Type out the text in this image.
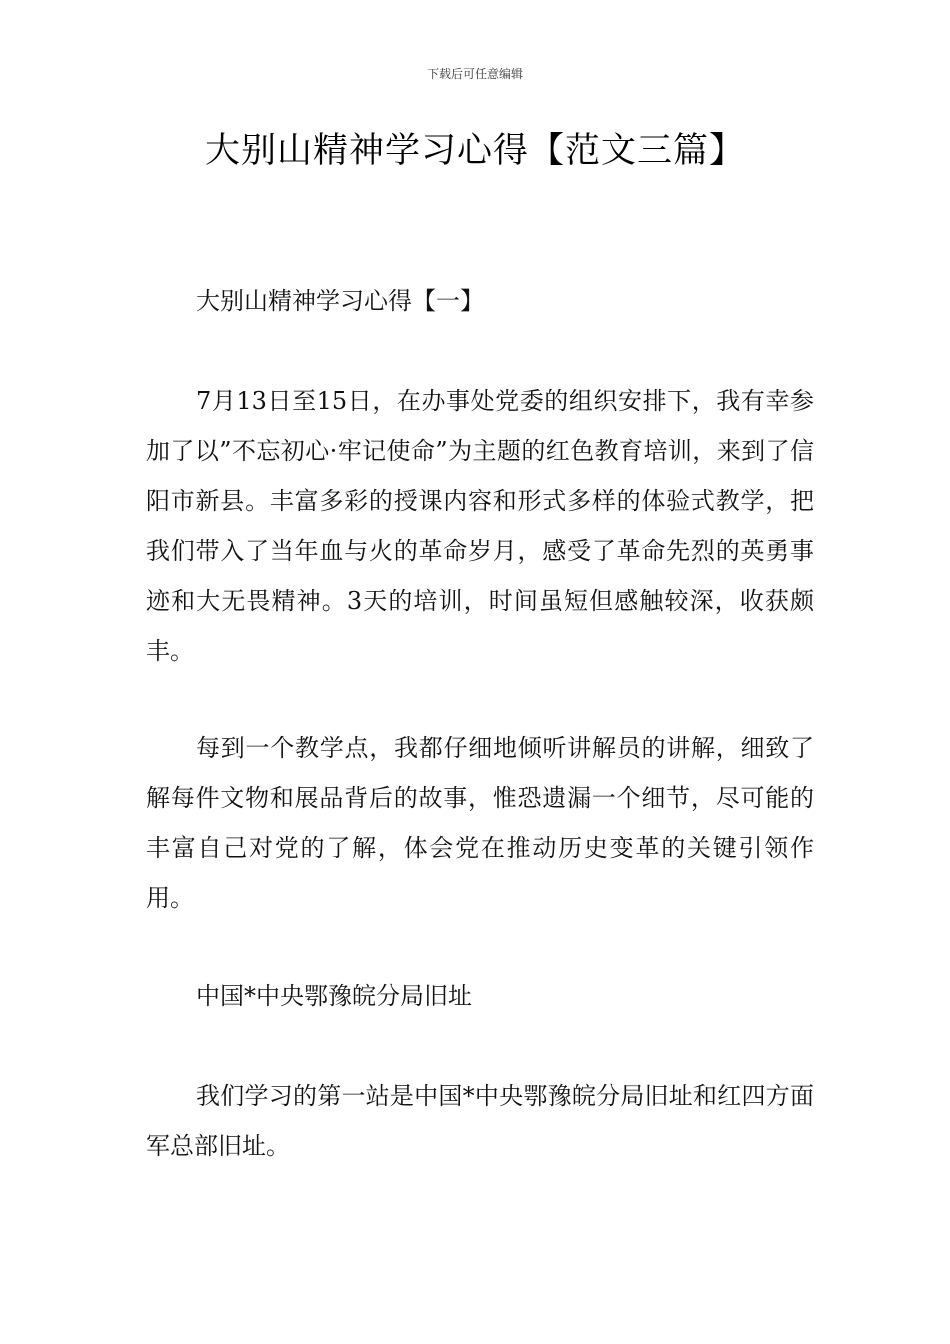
下载后可任意编辑
大别山精神学习心得【范文三篇】

大别山精神学习心得【一】

7月13日至15日，在办事处党委的组织安排下，我有幸参加了以”不忘初心·牢记使命”为主题的红色教育培训，来到了信阳市新县。丰富多彩的授课内容和形式多样的体验式教学，把我们带入了当年血与火的革命岁月，感受了革命先烈的英勇事迹和大无畏精神。3天的培训，时间虽短但感触较深，收获颇丰。

每到一个教学点，我都仔细地倾听讲解员的讲解，细致了解每件文物和展品背后的故事，惟恐遗漏一个细节，尽可能的丰富自己对党的了解，体会党在推动历史变革的关键引领作用。

中国*中央鄂豫皖分局旧址

我们学习的第一站是中国*中央鄂豫皖分局旧址和红四方面军总部旧址。
